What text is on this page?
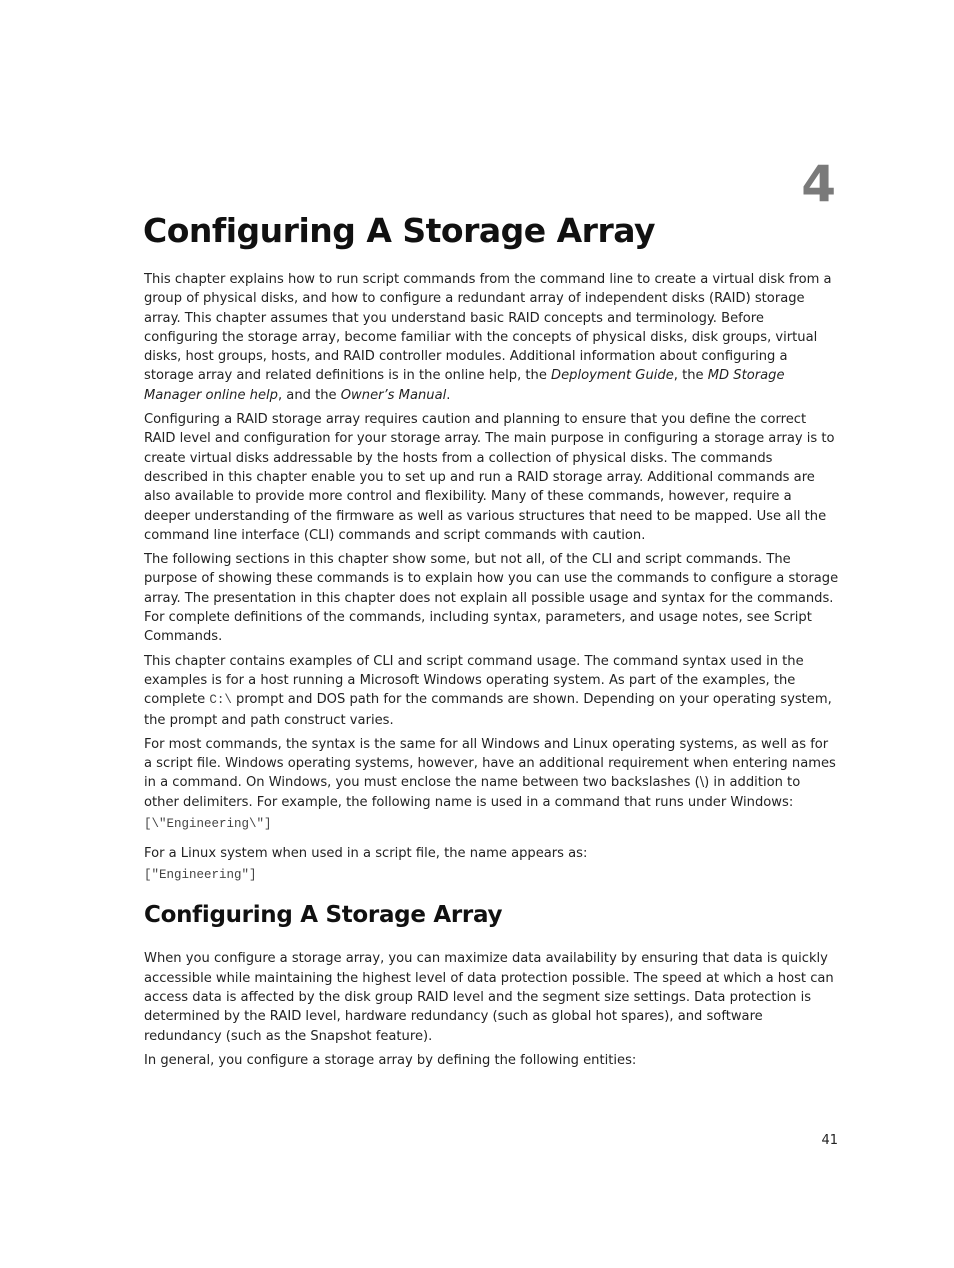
4
Configuring A Storage Array

This chapter explains how to run script commands from the command line to create a virtual disk from a group of physical disks, and how to configure a redundant array of independent disks (RAID) storage array. This chapter assumes that you understand basic RAID concepts and terminology. Before configuring the storage array, become familiar with the concepts of physical disks, disk groups, virtual disks, host groups, hosts, and RAID controller modules. Additional information about configuring a storage array and related definitions is in the online help, the Deployment Guide, the MD Storage Manager online help, and the Owner’s Manual.

Configuring a RAID storage array requires caution and planning to ensure that you define the correct RAID level and configuration for your storage array. The main purpose in configuring a storage array is to create virtual disks addressable by the hosts from a collection of physical disks. The commands described in this chapter enable you to set up and run a RAID storage array. Additional commands are also available to provide more control and flexibility. Many of these commands, however, require a deeper understanding of the firmware as well as various structures that need to be mapped. Use all the command line interface (CLI) commands and script commands with caution.

The following sections in this chapter show some, but not all, of the CLI and script commands. The purpose of showing these commands is to explain how you can use the commands to configure a storage array. The presentation in this chapter does not explain all possible usage and syntax for the commands. For complete definitions of the commands, including syntax, parameters, and usage notes, see Script Commands.

This chapter contains examples of CLI and script command usage. The command syntax used in the examples is for a host running a Microsoft Windows operating system. As part of the examples, the complete C:\ prompt and DOS path for the commands are shown. Depending on your operating system, the prompt and path construct varies.

For most commands, the syntax is the same for all Windows and Linux operating systems, as well as for a script file. Windows operating systems, however, have an additional requirement when entering names in a command. On Windows, you must enclose the name between two backslashes (\) in addition to other delimiters. For example, the following name is used in a command that runs under Windows:

[\"Engineering\"]

For a Linux system when used in a script file, the name appears as:

["Engineering"]
Configuring A Storage Array

When you configure a storage array, you can maximize data availability by ensuring that data is quickly accessible while maintaining the highest level of data protection possible. The speed at which a host can access data is affected by the disk group RAID level and the segment size settings. Data protection is determined by the RAID level, hardware redundancy (such as global hot spares), and software redundancy (such as the Snapshot feature).

In general, you configure a storage array by defining the following entities:

41
